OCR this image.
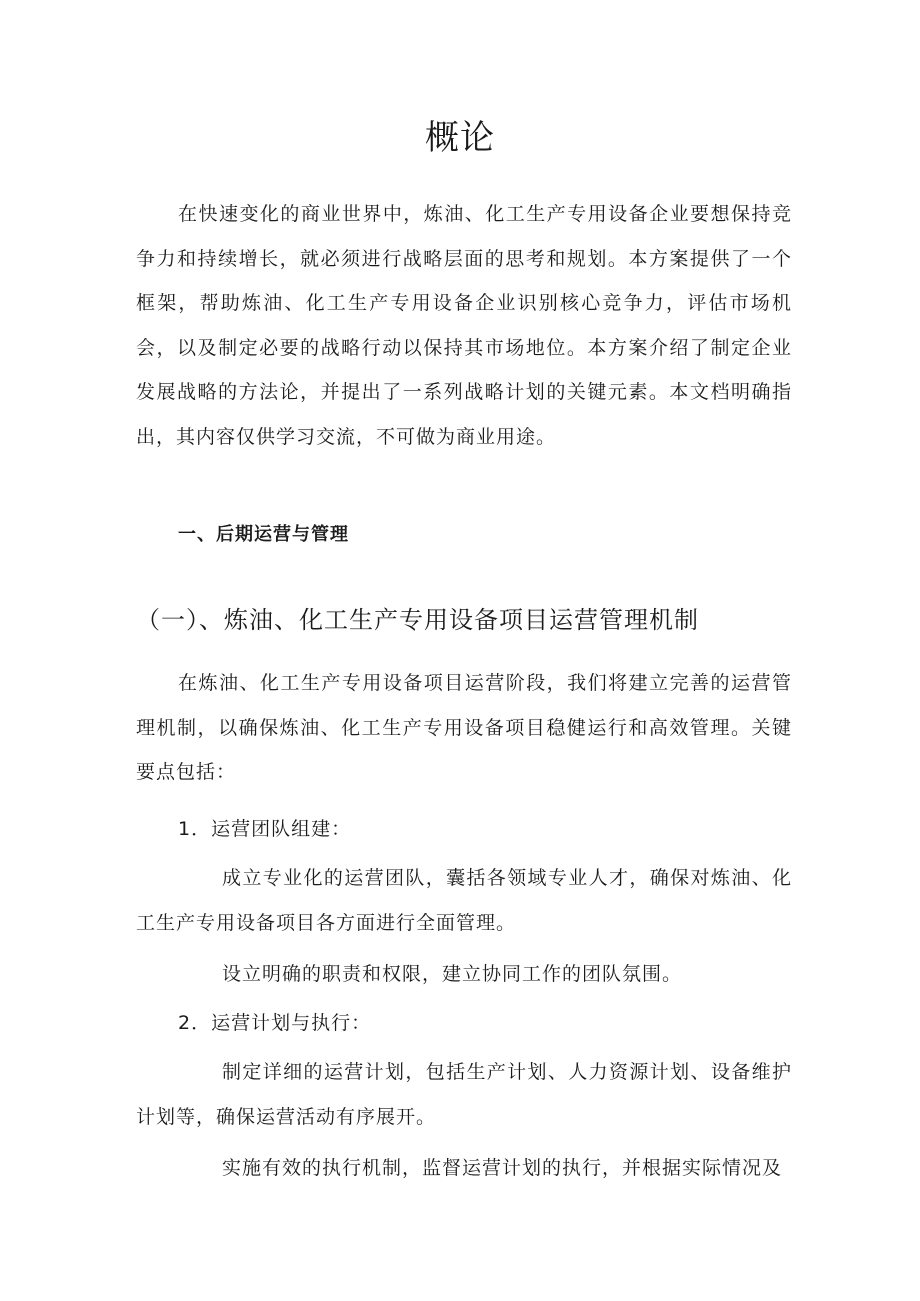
概论

在快速变化的商业世界中，炼油、化工生产专用设备企业要想保持竞争力和持续增长，就必须进行战略层面的思考和规划。本方案提供了一个框架，帮助炼油、化工生产专用设备企业识别核心竞争力，评估市场机会，以及制定必要的战略行动以保持其市场地位。本方案介绍了制定企业发展战略的方法论，并提出了一系列战略计划的关键元素。本文档明确指出，其内容仅供学习交流，不可做为商业用途。

一、后期运营与管理
（一）、炼油、化工生产专用设备项目运营管理机制

在炼油、化工生产专用设备项目运营阶段，我们将建立完善的运营管理机制，以确保炼油、化工生产专用设备项目稳健运行和高效管理。关键要点包括：

1．运营团队组建：

成立专业化的运营团队，囊括各领域专业人才，确保对炼油、化工生产专用设备项目各方面进行全面管理。

设立明确的职责和权限，建立协同工作的团队氛围。

2．运营计划与执行：

制定详细的运营计划，包括生产计划、人力资源计划、设备维护计划等，确保运营活动有序展开。

实施有效的执行机制，监督运营计划的执行，并根据实际情况及
